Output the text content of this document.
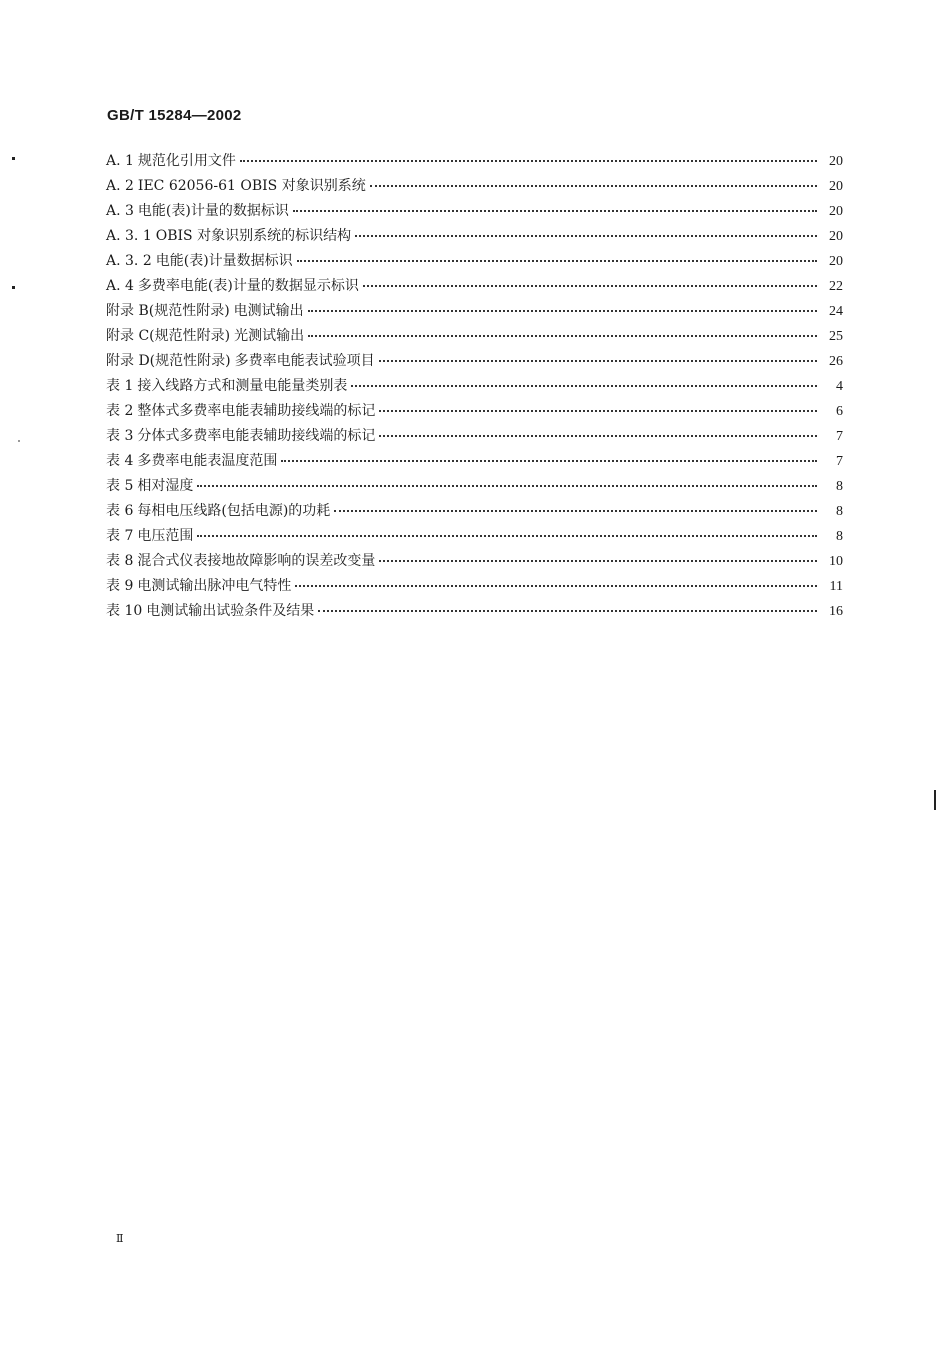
GB/T 15284—2002
A. 1 规范化引用文件	20
A. 2 IEC 62056-61 OBIS 对象识别系统	20
A. 3 电能(表)计量的数据标识	20
A. 3. 1 OBIS 对象识别系统的标识结构	20
A. 3. 2 电能(表)计量数据标识	20
A. 4 多费率电能(表)计量的数据显示标识	22
附录 B(规范性附录) 电测试输出	24
附录 C(规范性附录) 光测试输出	25
附录 D(规范性附录) 多费率电能表试验项目	26
表 1 接入线路方式和测量电能量类别表	4
表 2 整体式多费率电能表辅助接线端的标记	6
表 3 分体式多费率电能表辅助接线端的标记	7
表 4 多费率电能表温度范围	7
表 5 相对湿度	8
表 6 每相电压线路(包括电源)的功耗	8
表 7 电压范围	8
表 8 混合式仪表接地故障影响的误差改变量	10
表 9 电测试输出脉冲电气特性	11
表 10 电测试输出试验条件及结果	16
Ⅱ
